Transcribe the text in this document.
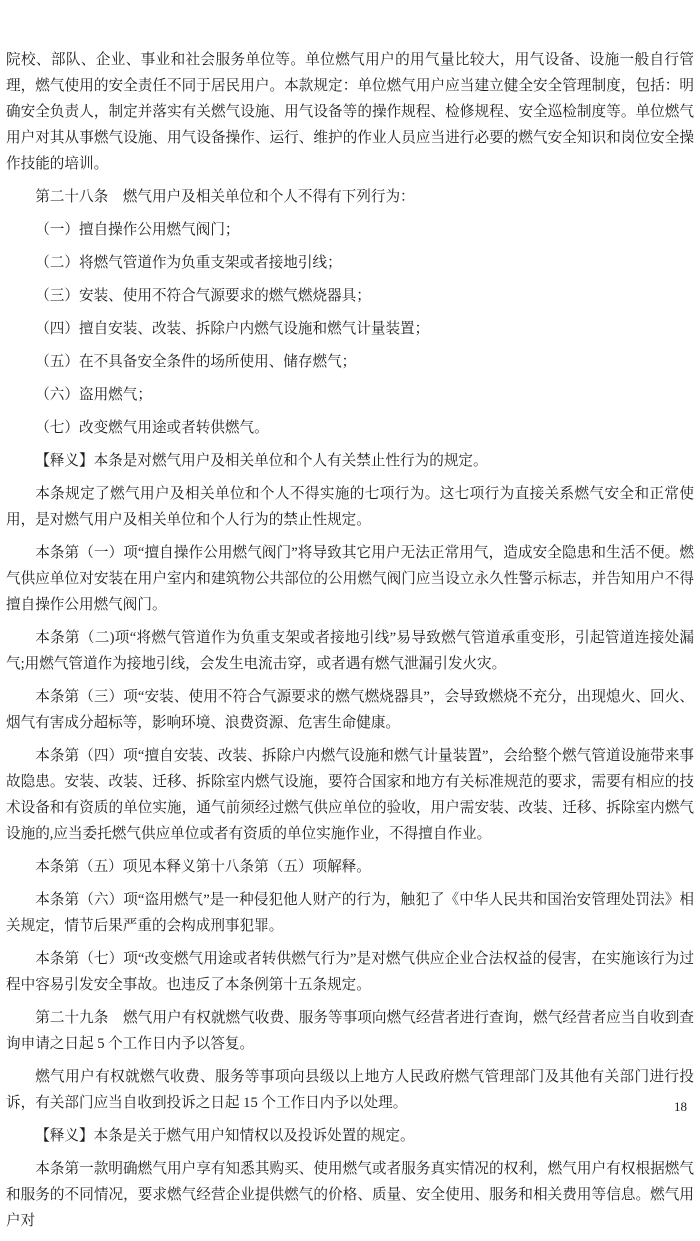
院校、部队、企业、事业和社会服务单位等。单位燃气用户的用气量比较大，用气设备、设施一般自行管理，燃气使用的安全责任不同于居民用户。本款规定：单位燃气用户应当建立健全安全管理制度，包括：明确安全负责人，制定并落实有关燃气设施、用气设备等的操作规程、检修规程、安全巡检制度等。单位燃气用户对其从事燃气设施、用气设备操作、运行、维护的作业人员应当进行必要的燃气安全知识和岗位安全操作技能的培训。

第二十八条　燃气用户及相关单位和个人不得有下列行为：

（一）擅自操作公用燃气阀门；

（二）将燃气管道作为负重支架或者接地引线；

（三）安装、使用不符合气源要求的燃气燃烧器具；

（四）擅自安装、改装、拆除户内燃气设施和燃气计量装置；

（五）在不具备安全条件的场所使用、储存燃气；

（六）盗用燃气；

（七）改变燃气用途或者转供燃气。

【释义】本条是对燃气用户及相关单位和个人有关禁止性行为的规定。

本条规定了燃气用户及相关单位和个人不得实施的七项行为。这七项行为直接关系燃气安全和正常使用，是对燃气用户及相关单位和个人行为的禁止性规定。

本条第（一）项“擅自操作公用燃气阀门”将导致其它用户无法正常用气，造成安全隐患和生活不便。燃气供应单位对安装在用户室内和建筑物公共部位的公用燃气阀门应当设立永久性警示标志，并告知用户不得擅自操作公用燃气阀门。

本条第（二)项“将燃气管道作为负重支架或者接地引线”易导致燃气管道承重变形，引起管道连接处漏气;用燃气管道作为接地引线，会发生电流击穿，或者遇有燃气泄漏引发火灾。

本条第（三）项“安装、使用不符合气源要求的燃气燃烧器具”，会导致燃烧不充分，出现熄火、回火、烟气有害成分超标等，影响环境、浪费资源、危害生命健康。

本条第（四）项“擅自安装、改装、拆除户内燃气设施和燃气计量装置”，会给整个燃气管道设施带来事故隐患。安装、改装、迁移、拆除室内燃气设施，要符合国家和地方有关标准规范的要求，需要有相应的技术设备和有资质的单位实施，通气前须经过燃气供应单位的验收，用户需安装、改装、迁移、拆除室内燃气设施的,应当委托燃气供应单位或者有资质的单位实施作业，不得擅自作业。

本条第（五）项见本释义第十八条第（五）项解释。

本条第（六）项“盗用燃气”是一种侵犯他人财产的行为，触犯了《中华人民共和国治安管理处罚法》相关规定，情节后果严重的会构成刑事犯罪。

本条第（七）项“改变燃气用途或者转供燃气行为”是对燃气供应企业合法权益的侵害，在实施该行为过程中容易引发安全事故。也违反了本条例第十五条规定。

第二十九条　燃气用户有权就燃气收费、服务等事项向燃气经营者进行查询，燃气经营者应当自收到查询申请之日起 5 个工作日内予以答复。

燃气用户有权就燃气收费、服务等事项向县级以上地方人民政府燃气管理部门及其他有关部门进行投诉，有关部门应当自收到投诉之日起 15 个工作日内予以处理。

【释义】本条是关于燃气用户知情权以及投诉处置的规定。

本条第一款明确燃气用户享有知悉其购买、使用燃气或者服务真实情况的权利，燃气用户有权根据燃气和服务的不同情况，要求燃气经营企业提供燃气的价格、质量、安全使用、服务和相关费用等信息。燃气用户对

18
